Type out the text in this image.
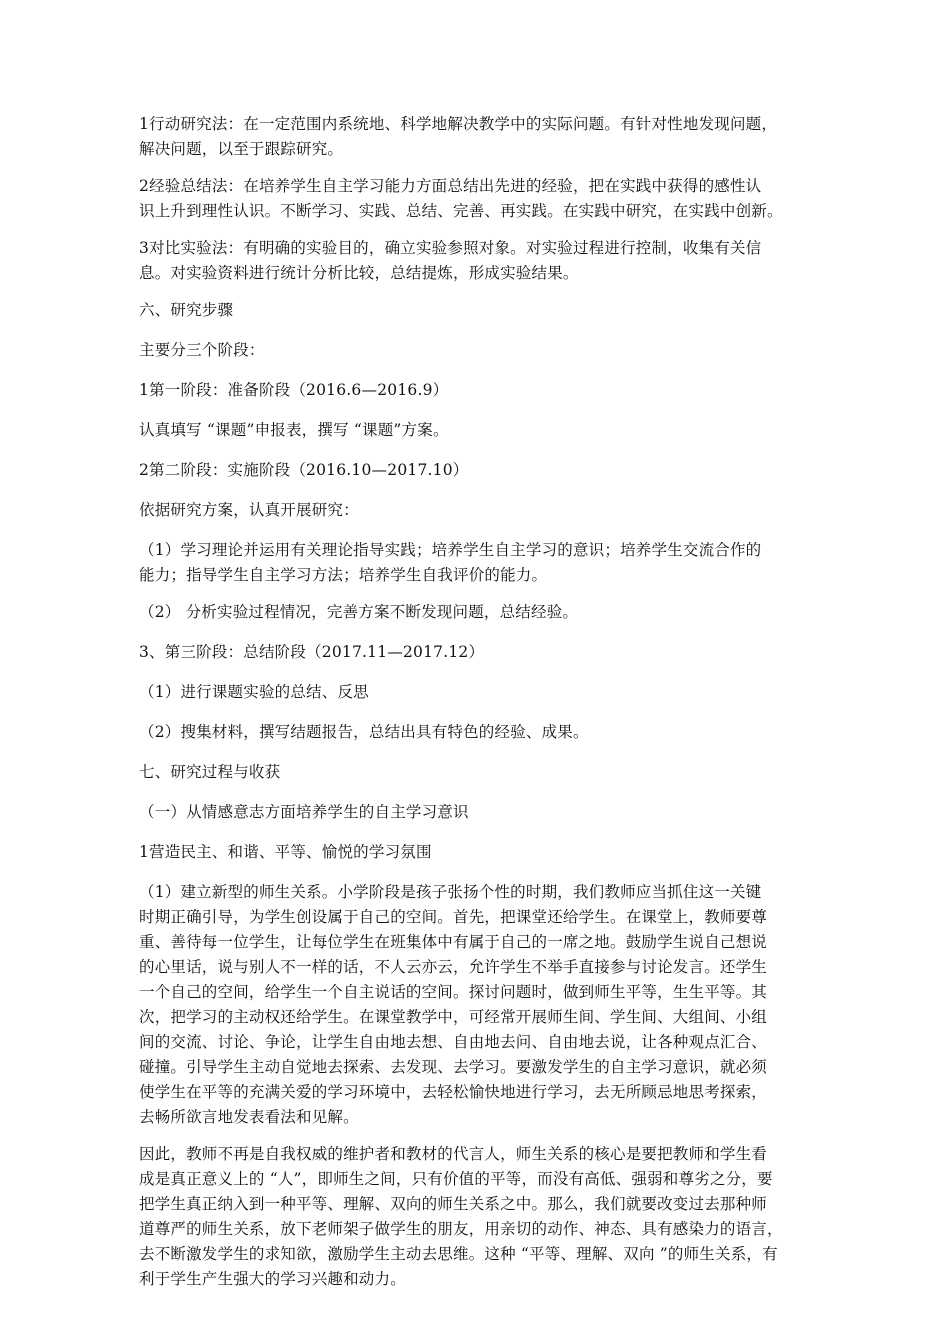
1行动研究法：在一定范围内系统地、科学地解决教学中的实际问题。有针对性地发现问题，
解决问题，以至于跟踪研究。

2经验总结法：在培养学生自主学习能力方面总结出先进的经验，把在实践中获得的感性认
识上升到理性认识。不断学习、实践、总结、完善、再实践。在实践中研究，在实践中创新。

3对比实验法：有明确的实验目的，确立实验参照对象。对实验过程进行控制，收集有关信
息。对实验资料进行统计分析比较，总结提炼，形成实验结果。

六、研究步骤

主要分三个阶段：

1第一阶段：准备阶段（2016.6—2016.9）

认真填写 “课题”申报表，撰写 “课题”方案。

2第二阶段：实施阶段（2016.10—2017.10）

依据研究方案，认真开展研究：

（1）学习理论并运用有关理论指导实践；培养学生自主学习的意识；培养学生交流合作的
能力；指导学生自主学习方法；培养学生自我评价的能力。

（2） 分析实验过程情况，完善方案不断发现问题，总结经验。

3、第三阶段：总结阶段（2017.11—2017.12）

（1）进行课题实验的总结、反思

（2）搜集材料，撰写结题报告，总结出具有特色的经验、成果。

七、研究过程与收获

（一）从情感意志方面培养学生的自主学习意识

1营造民主、和谐、平等、愉悦的学习氛围

（1）建立新型的师生关系。小学阶段是孩子张扬个性的时期，我们教师应当抓住这一关键
时期正确引导，为学生创设属于自己的空间。首先，把课堂还给学生。在课堂上，教师要尊
重、善待每一位学生，让每位学生在班集体中有属于自己的一席之地。鼓励学生说自己想说
的心里话，说与别人不一样的话，不人云亦云，允许学生不举手直接参与讨论发言。还学生
一个自己的空间，给学生一个自主说话的空间。探讨问题时，做到师生平等，生生平等。其
次，把学习的主动权还给学生。在课堂教学中，可经常开展师生间、学生间、大组间、小组
间的交流、讨论、争论，让学生自由地去想、自由地去问、自由地去说，让各种观点汇合、
碰撞。引导学生主动自觉地去探索、去发现、去学习。要激发学生的自主学习意识，就必须
使学生在平等的充满关爱的学习环境中，去轻松愉快地进行学习，去无所顾忌地思考探索，
去畅所欲言地发表看法和见解。

因此，教师不再是自我权威的维护者和教材的代言人，师生关系的核心是要把教师和学生看
成是真正意义上的 “人”，即师生之间，只有价值的平等，而没有高低、强弱和尊劣之分，要
把学生真正纳入到一种平等、理解、双向的师生关系之中。那么，我们就要改变过去那种师
道尊严的师生关系，放下老师架子做学生的朋友，用亲切的动作、神态、具有感染力的语言，
去不断激发学生的求知欲，激励学生主动去思维。这种 “平等、理解、双向 ”的师生关系，有
利于学生产生强大的学习兴趣和动力。
